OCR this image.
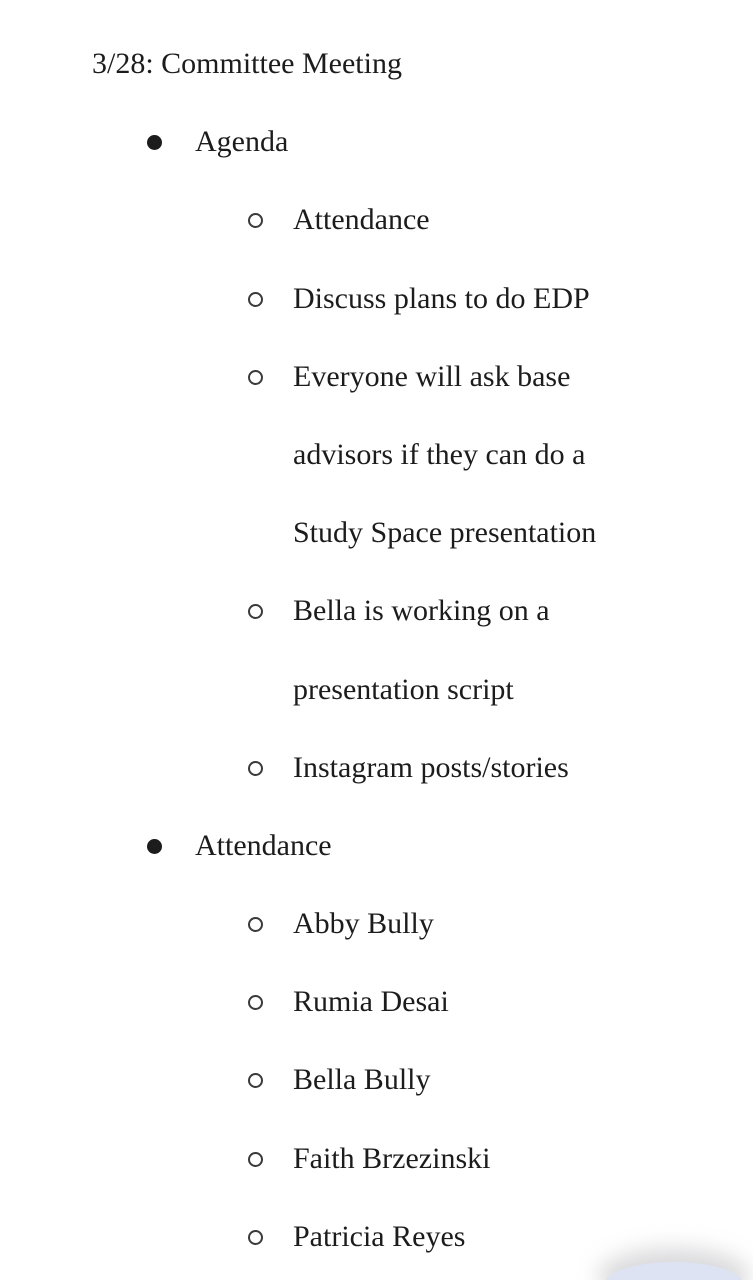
3/28: Committee Meeting
Agenda
Attendance
Discuss plans to do EDP
Everyone will ask base
advisors if they can do a
Study Space presentation
Bella is working on a
presentation script
Instagram posts/stories
Attendance
Abby Bully
Rumia Desai
Bella Bully
Faith Brzezinski
Patricia Reyes
